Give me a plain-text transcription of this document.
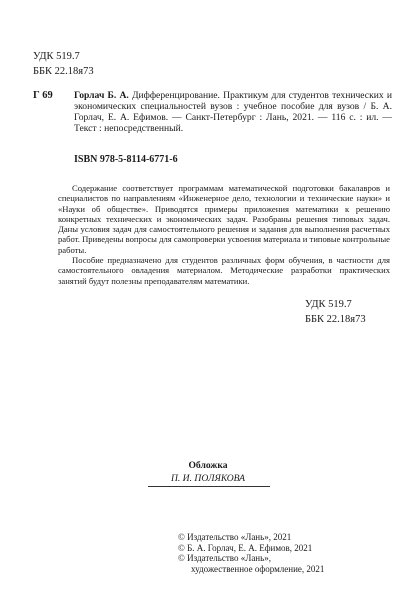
УДК 519.7
ББК 22.18я73
Г 69 Горлач Б. А. Дифференцирование. Практикум для студентов технических и экономических специальностей вузов : учебное пособие для вузов / Б. А. Горлач, Е. А. Ефимов. — Санкт-Петербург : Лань, 2021. — 116 с. : ил. — Текст : непосредственный.
ISBN 978-5-8114-6771-6

Содержание соответствует программам математической подготовки бакалавров и специалистов по направлениям «Инженерное дело, технологии и технические науки» и «Науки об обществе». Приводятся примеры приложения математики к решению конкретных технических и экономических задач. Разобраны решения типовых задач. Даны условия задач для самостоятельного решения и задания для выполнения расчетных работ. Приведены вопросы для самопроверки усвоения материала и типовые контрольные работы.

Пособие предназначено для студентов различных форм обучения, в частности для самостоятельного овладения материалом. Методические разработки практических занятий будут полезны преподавателям математики.

УДК 519.7
ББК 22.18я73
Обложка
П. И. ПОЛЯКОВА
© Издательство «Лань», 2021
© Б. А. Горлач, Е. А. Ефимов, 2021
© Издательство «Лань»,
художественное оформление, 2021
